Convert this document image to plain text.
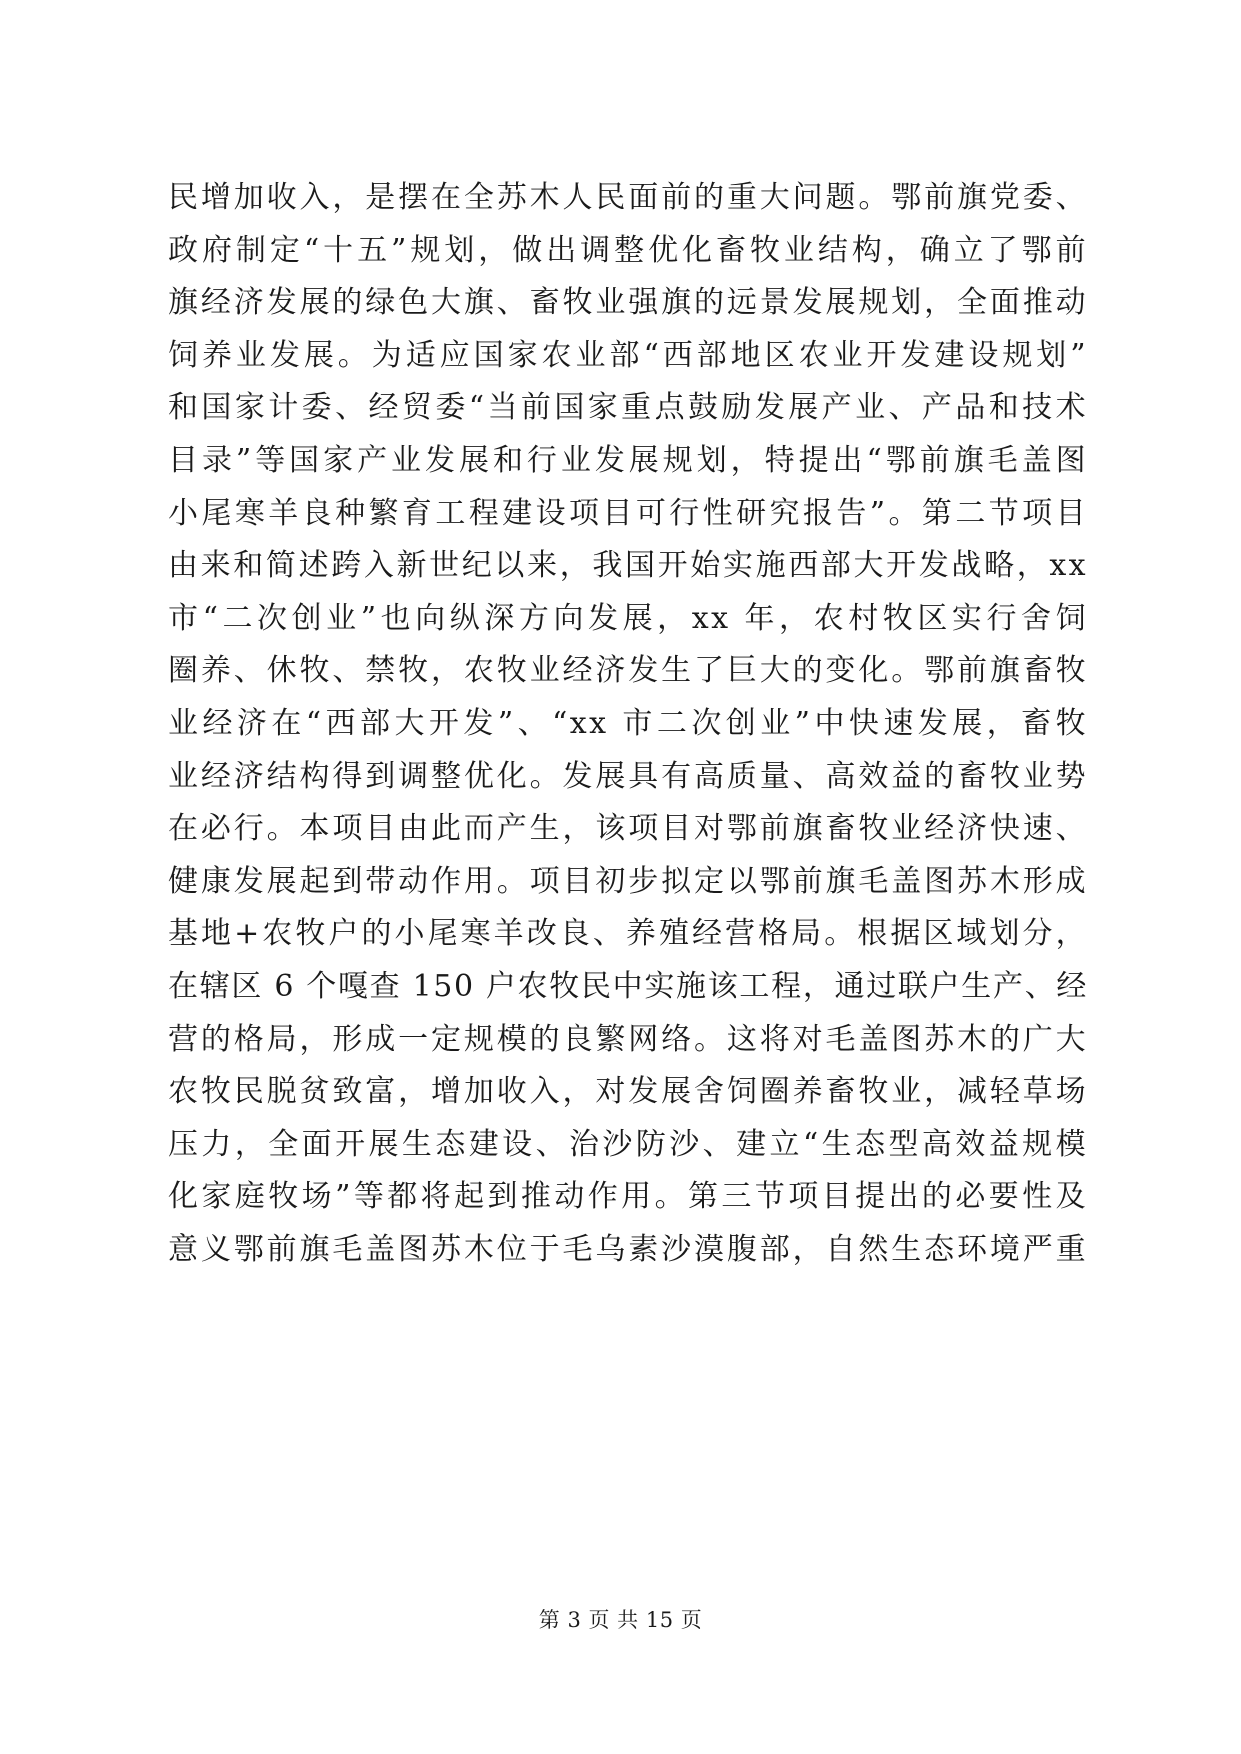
民增加收入，是摆在全苏木人民面前的重大问题。鄂前旗党委、
政府制定“十五”规划，做出调整优化畜牧业结构，确立了鄂前
旗经济发展的绿色大旗、畜牧业强旗的远景发展规划，全面推动
饲养业发展。为适应国家农业部“西部地区农业开发建设规划”
和国家计委、经贸委“当前国家重点鼓励发展产业、产品和技术
目录”等国家产业发展和行业发展规划，特提出“鄂前旗毛盖图
小尾寒羊良种繁育工程建设项目可行性研究报告”。第二节项目
由来和简述跨入新世纪以来，我国开始实施西部大开发战略，xx
市“二次创业”也向纵深方向发展，xx 年，农村牧区实行舍饲
圈养、休牧、禁牧，农牧业经济发生了巨大的变化。鄂前旗畜牧
业经济在“西部大开发”、“xx 市二次创业”中快速发展，畜牧
业经济结构得到调整优化。发展具有高质量、高效益的畜牧业势
在必行。本项目由此而产生，该项目对鄂前旗畜牧业经济快速、
健康发展起到带动作用。项目初步拟定以鄂前旗毛盖图苏木形成
基地+农牧户的小尾寒羊改良、养殖经营格局。根据区域划分，
在辖区 6 个嘎查 150 户农牧民中实施该工程，通过联户生产、经
营的格局，形成一定规模的良繁网络。这将对毛盖图苏木的广大
农牧民脱贫致富，增加收入，对发展舍饲圈养畜牧业，减轻草场
压力，全面开展生态建设、治沙防沙、建立“生态型高效益规模
化家庭牧场”等都将起到推动作用。第三节项目提出的必要性及
意义鄂前旗毛盖图苏木位于毛乌素沙漠腹部，自然生态环境严重
第 3 页 共 15 页
